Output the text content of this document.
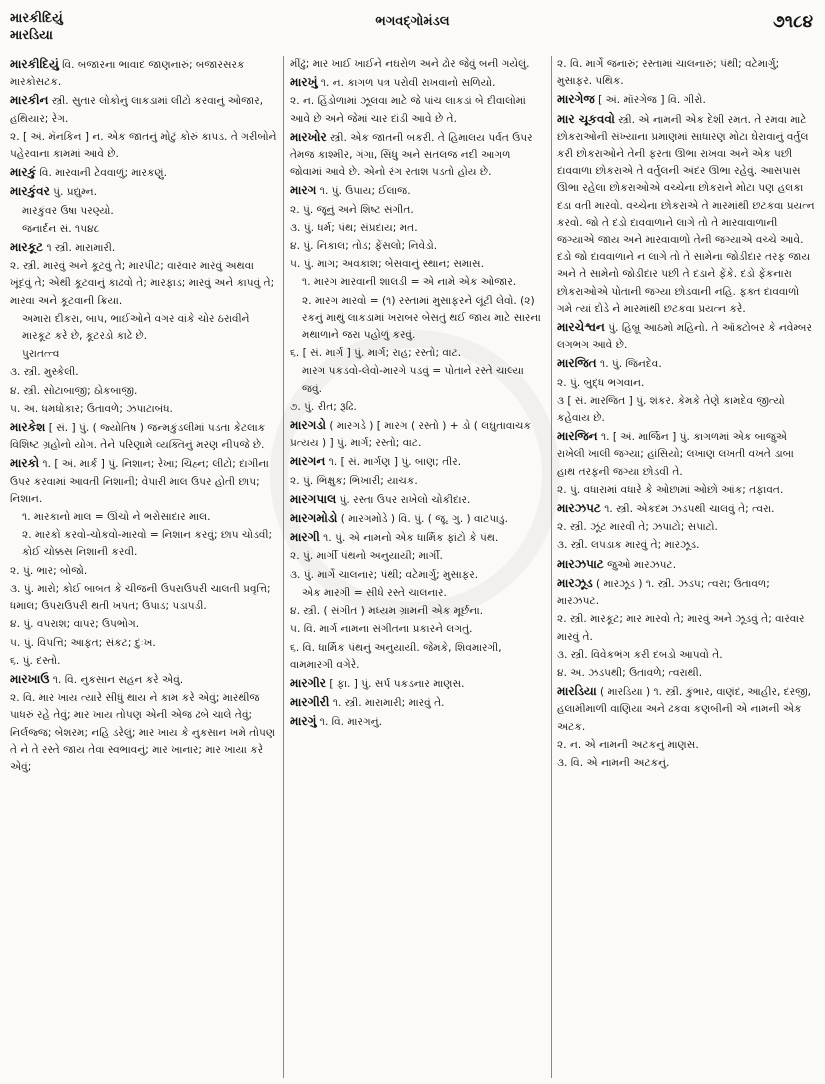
મારકીદિયું
મારડિયા
ભગવદ્ગોમંડલ	૭૧૮૪
મારકીદિયું વિ. બજારના ભાવાદ જાણનારું; બજારસરક મારકોસટક.
મારકીન સ્ત્રી. સુતાર લોકોનું લાકડામાં લીટો કરવાનું ઓજાર, હથિયાર; રેગ.
૨. [ અં. મૅનકિન ] ન. એક જાતનું મોટું કોરું કાપડ. તે ગરીબોને પહેરવાના કામમાં આવે છે.
મારકું વિ. મારવાની ટેવવાળું; મારકણું.
મારકુંવર પું. પ્રદ્યુમ્ન.
મારકુંવર ઉષા પરણ્યો.
જનાર્દન સં. ૧૫૪૮
મારકૂટ ૧ સ્ત્રી. મારામારી.
૨. સ્ત્રી. મારવું અને કૂટવું તે; મારપીટ; વારંવાર મારવું અથવા ખૂંદવું તે; એથી કૂટવાનું કાઢવો તે; મારફાડ; મારવું અને કાપવું તે; મારવા અને કૂટવાની ક્રિયા.
અમારા દીકરા, બાપ, ભાઈઓને વગર વાંકે ચોર ઠરાવીને મારકૂટ કરે છે, કૂટરડો કાઢે છે.
પુરાતત્ત્વ
૩. સ્ત્રી. મુસ્કેલી.
૪. સ્ત્રી. સોટાબાજી; ઠોકબાજી.
૫. અ. ધમધોકાર; ઉતાવળે; ઝપાટાબંધ.
મારકેશ [ સં. ] પું. ( જ્યોતિષ ) જન્મકુંડલીમાં પડતા કેટલાક વિશિષ્ટ ગ્રહોનો યોગ. તેને પરિણામે વ્યક્તિનું મરણ નીપજે છે.
મારકો ૧. [ અં. માર્ક ] પું. નિશાન; રેખા; ચિહ્ન; લીટો; દાગીના ઉપર કરવામાં આવતી નિશાની; વેપારી માલ ઉપર હોતી છાપ; નિશાન.
૧. મારકાનો માલ = ઊંચો ને ભરોસાદાર માલ.
૨. મારકો કરવો-ચોકવો-મારવો = નિશાન કરવું; છાપ ચોડવી; કોઈ ચોક્કસ નિશાની કરવી.
૨. પું. ભાર; બોજો.
૩. પું. મારો; કોઈ બાબત કે ચીજની ઉપરાઉપરી ચાલતી પ્રવૃત્તિ; ધમાલ; ઉપરાઉપરી થતી ખપત; ઉપાડ; પડાપડી.
૪. પું. વપરાશ; વાપર; ઉપભોગ.
૫. પું. વિપત્તિ; આફત; સંકટ; દુઃખ.
૬. પું. દસ્તો.
મારખાઉ ૧. વિ. નુકસાન સહન કરે એવું.
૨. વિ. માર ખાય ત્યારે સીધું થાય ને કામ કરે એવું; મારથીજ પાધરું રહે તેવું; માર ખાય તોપણ એની એજ ઢબે ચાલે તેવું; નિર્લજ્જ; બેશરમ; નહિ ડરેલું; માર ખાય કે નુકસાન ખમે તોપણ તે ને તે રસ્તે જાય તેવા સ્વભાવનું; માર ખાનાર; માર ખાયા કરે એવું;
મીંઢું; માર ખાઈ ખાઈને નઘરોળ અને ઢોર જેવું બની ગયેલું.
મારખું ૧. ન. કાગળ પત્ર પરોવી રાખવાનો સળિયો.
૨. ન. હિંડોળામાં ઝૂલવા માટે જે પાંચ લાકડાં બે દીવાલોમાં આવે છે અને જેમાં ચાર દાંડી આવે છે તે.
મારખોર સ્ત્રી. એક જાતની બકરી. તે હિમાલય પર્વત ઉપર તેમજ કાશ્મીર, ગંગા, સિંધુ અને સતલજ નદી આગળ જોવામાં આવે છે. એનો રંગ રતાશ પડતો હોય છે.
મારગ ૧. પું. ઉપાય; ઈલાજ.
૨. પું. જૂનું અને શિષ્ટ સંગીત.
૩. પું. ધર્મ; પંથ; સંપ્રદાય; મત.
૪. પું. નિકાલ; તોડ; ફેંસલો; નિવેડો.
૫. પું. માગ; અવકાશ; બેસવાનું સ્થાન; સમાસ.
૧. મારગ મારવાની શાલડી = એ નામે એક ઓજાર.
૨. મારગ મારવો = (૧) રસ્તામાં મુસાફરને લૂંટી લેવો. (૨) રકનું માથું લાકડામાં ખરાબર બેસતું થઈ જાય માટે સારના મથાળાને જરા પહોળું કરવું.
૬. [ સં. માર્ગ ] પું. માર્ગ; રાહ; રસ્તો; વાટ.
મારગ પકડવો-લેવો-મારગે પડવું = પોતાને રસ્તે ચાલ્યા જવું.
૭. પું. રીત; રૂઢિ.
મારગડો ( મારગડે ) [ મારગ ( રસ્તો ) + ડો ( લઘુતાવાચક પ્રત્યય ) ] પું. માર્ગ; રસ્તો; વાટ.
મારગન ૧. [ સં. માર્ગણ ] પું. બાણ; તીર.
૨. પું. ભિક્ષુક; ભિખારી; યાચક.
મારગપાલ પું. રસ્તા ઉપર રાખેલો ચોકીદાર.
મારગમોડો ( મારગમોડે ) વિ. પું. ( જૂ. ગુ. ) વાટપાડુ.
મારગી ૧. પું. એ નામનો એક ધાર્મિક ફાંટો કે પંથ.
૨. પું. માર્ગી પંથનો અનુયાયી; માર્ગી.
૩. પું. માર્ગે ચાલનાર; પંથી; વટેમાર્ગુ; મુસાફર.
એક મારગી = સીધે રસ્તે ચાલનાર.
૪. સ્ત્રી. ( સંગીત ) મધ્યમ ગ્રામની એક મૂર્છના.
૫. વિ. માર્ગ નામના સંગીતના પ્રકારને લગતું.
૬. વિ. ધાર્મિક પંથનું અનુયાયી. જેમકે, શિવમારગી, વામમારગી વગેરે.
મારગીર [ ફા. ] પું. સર્પ પકડનાર માણસ.
મારગીરી ૧. સ્ત્રી. મારામારી; મારવું તે.
મારગું ૧. વિ. મારગનું.
૨. વિ. માર્ગે જનારું; રસ્તામાં ચાલનારું; પંથી; વટેમાર્ગુ; મુસાફર. પથિક.
મારગેજ [ અં. મૉરગેજ ] વિ. ગીરો.
માર ચૂકવવો સ્ત્રી. એ નામની એક દેશી રમત. તે રમવા માટે છોકરાઓની સંખ્યાના પ્રમાણમાં સાધારણ મોટા ઘેરાવાનું વર્તુલ કરી છોકરાઓને તેની ફરતા ઊભા રાખવા અને એક પછી દાવવાળા છોકરાએ તે વર્તુલની અંદર ઊભા રહેવું. આસપાસ ઊભા રહેલા છોકરાઓએ વચ્ચેના છોકરાને મોટા પણ હલકા દડા વતી મારવો. વચ્ચેના છોકરાએ તે મારમાંથી છટકવા પ્રયત્ન કરવો. જો તે દડો દાવવાળાને લાગે તો તે મારવાવાળાની જગ્યાએ જાય અને મારવાવાળો તેની જગ્યાએ વચ્ચે આવે. દડો જો દાવવાળાને ન લાગે તો તે સામેના જોડીદાર તરફ જાય અને તે સામેનો જોડીદાર પછી તે દડાને ફેંકે. દડો ફેંકનારા છોકરાઓએ પોતાની જગ્યા છોડવાની નહિ. ફક્ત દાવવાળો ગમે ત્યાં દોડે ને મારમાંથી છટકવા પ્રયત્ન કરે.
મારચેશ્વન પું. હિબ્રૂ આઠમો મહિનો. તે ઑક્ટોબર કે નવેમ્બર લગભગ આવે છે.
મારજિત ૧. પું. જિનદેવ.
૨. પું. બુદ્ધ ભગવાન.
૩ [ સં. મારજિત ] પું. શંકર. કેમકે તેણે કામદેવ જીત્યો કહેવાય છે.
મારજિન ૧. [ અં. માર્જિન ] પું. કાગળમાં એક બાજુએ રાખેલી ખાલી જગ્યા; હાંસિયો; લખાણ લખતી વખતે ડાબા હાથ તરફની જગ્યા છોડવી તે.
૨. પું. વધારામાં વધારે કે ઓછામાં ઓછો આંક; તફાવત.
મારઝપટ ૧. સ્ત્રી. એકદમ ઝડપથી ચાલવું તે; ત્વરા.
૨. સ્ત્રી. ઝૂંટ મારવી તે; ઝપાટો; સપાટો.
૩. સ્ત્રી. લપડાક મારવું તે; મારઝૂડ.
મારઝપાટ જુઓ મારઝપટ.
મારઝૂડ ( મારઝૂડ ) ૧. સ્ત્રી. ઝડપ; ત્વરા; ઉતાવળ; મારઝપટ.
૨. સ્ત્રી. મારકૂટ; માર મારવો તે; મારવું અને ઝૂડવું તે; વારંવાર મારવું તે.
૩. સ્ત્રી. વિવેકભંગ કરી દબડો આપવો તે.
૪. અ. ઝડપથી; ઉતાવળે; ત્વરાથી.
મારડિયા ( મારડિયા ) ૧. સ્ત્રી. કુંભાર, વાણંદ, આહીર, દરજી, હલામીમાળી વાણિયા અને ઢકવા કણબીની એ નામની એક અટક.
૨. ન. એ નામની અટકનું માણસ.
૩. વિ. એ નામની અટકનું.
